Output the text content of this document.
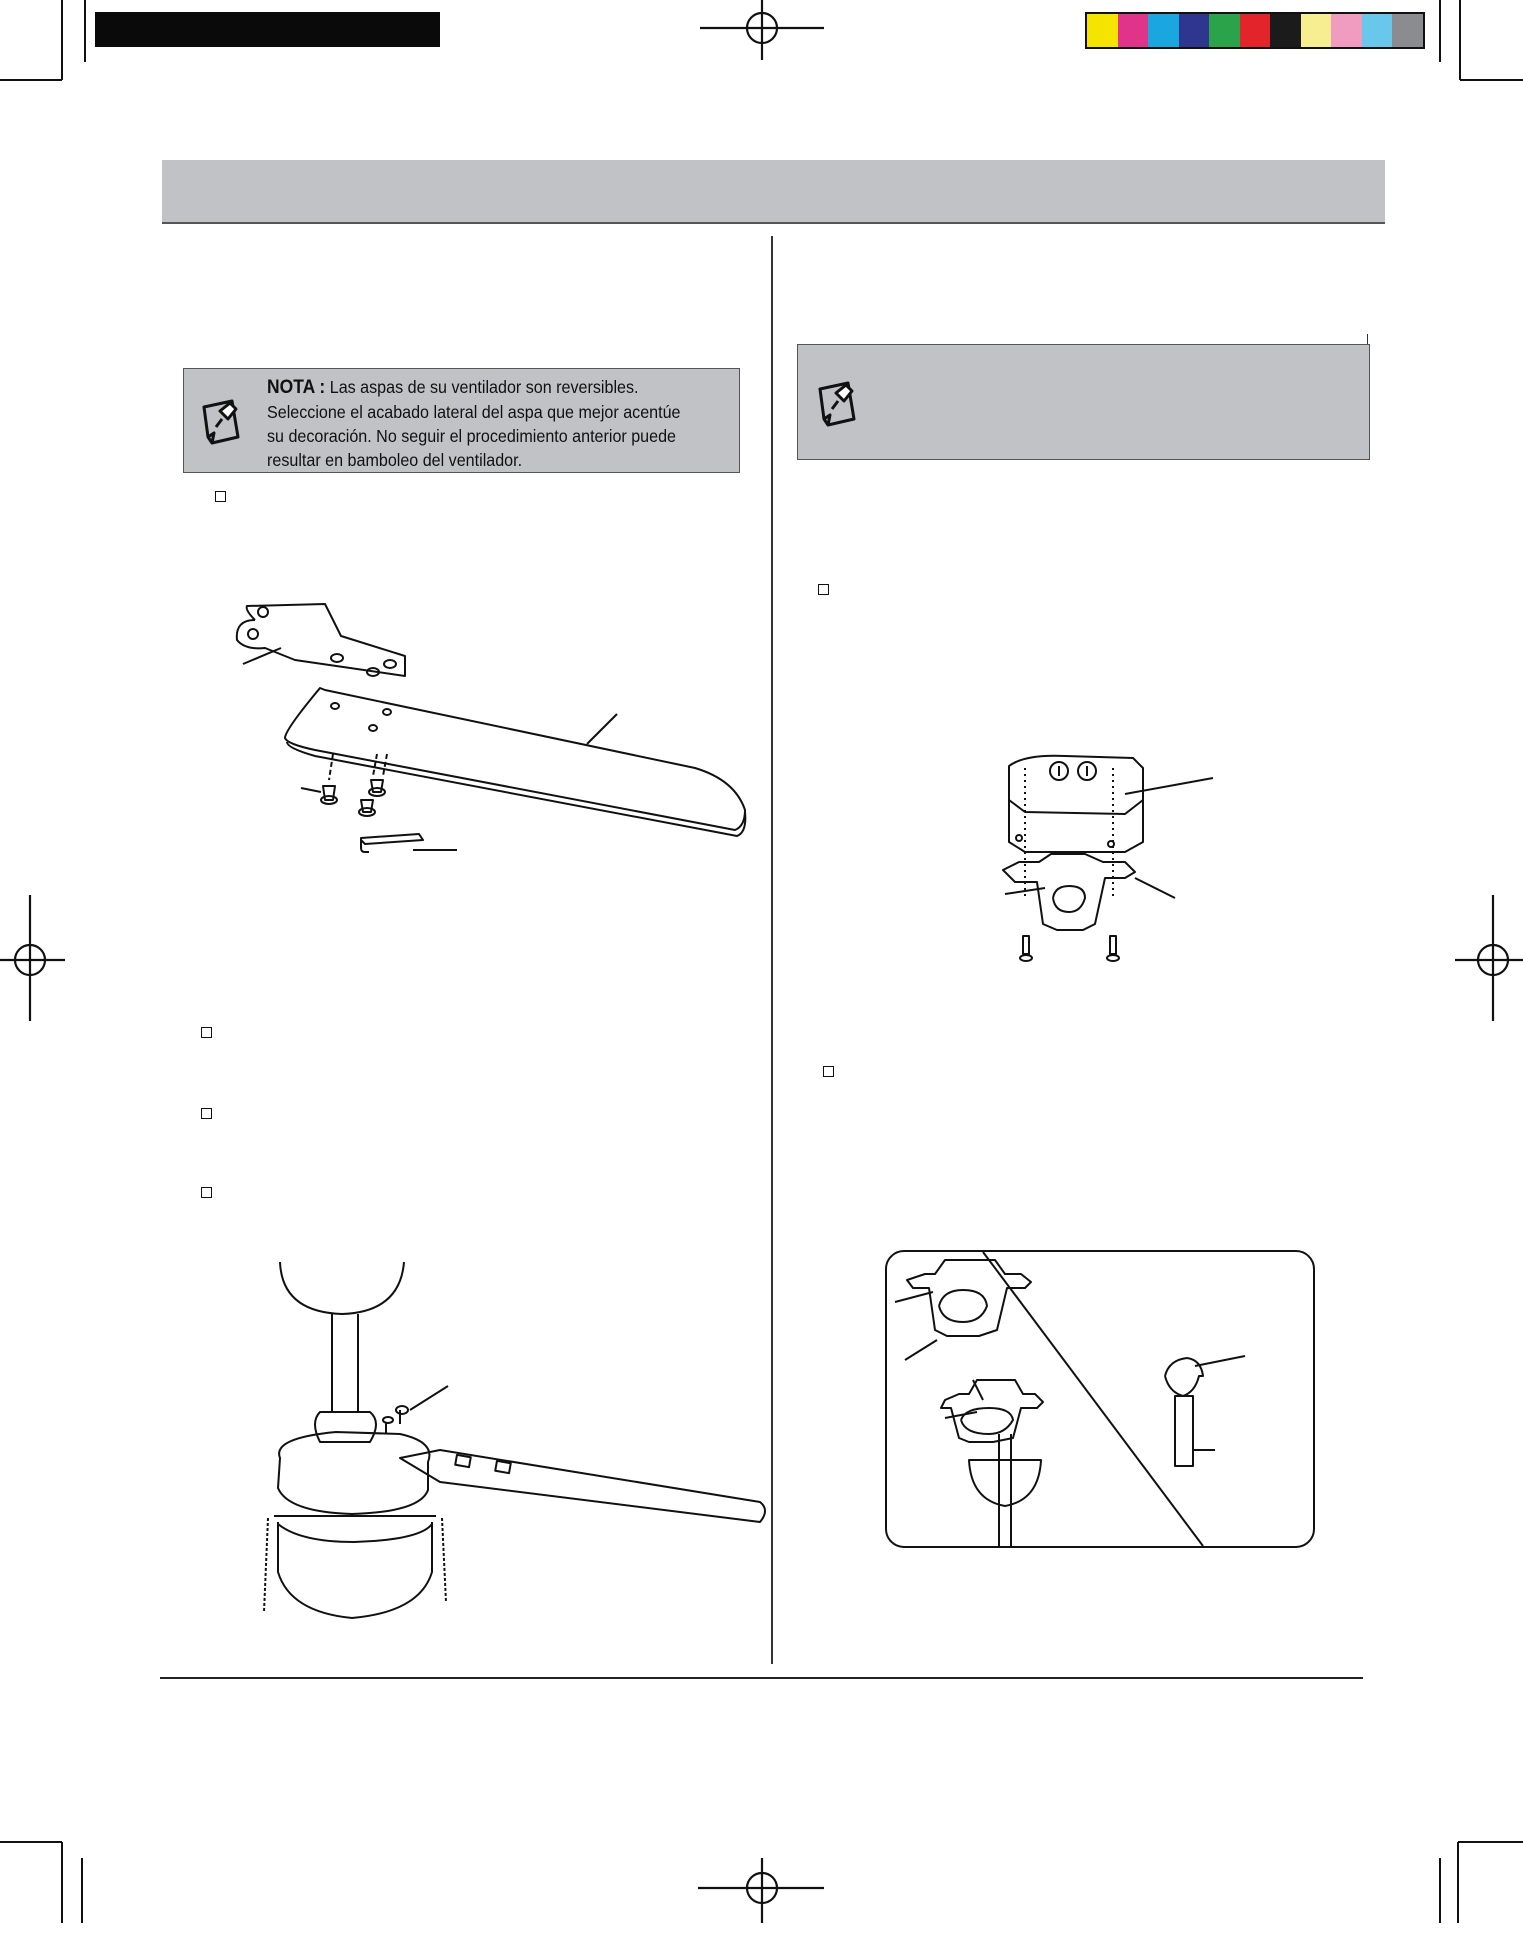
NOTA : Las aspas de su ventilador son reversibles.
Seleccione el acabado lateral del aspa que mejor acentúe
su decoración. No seguir el procedimiento anterior puede
resultar en bamboleo del ventilador.
